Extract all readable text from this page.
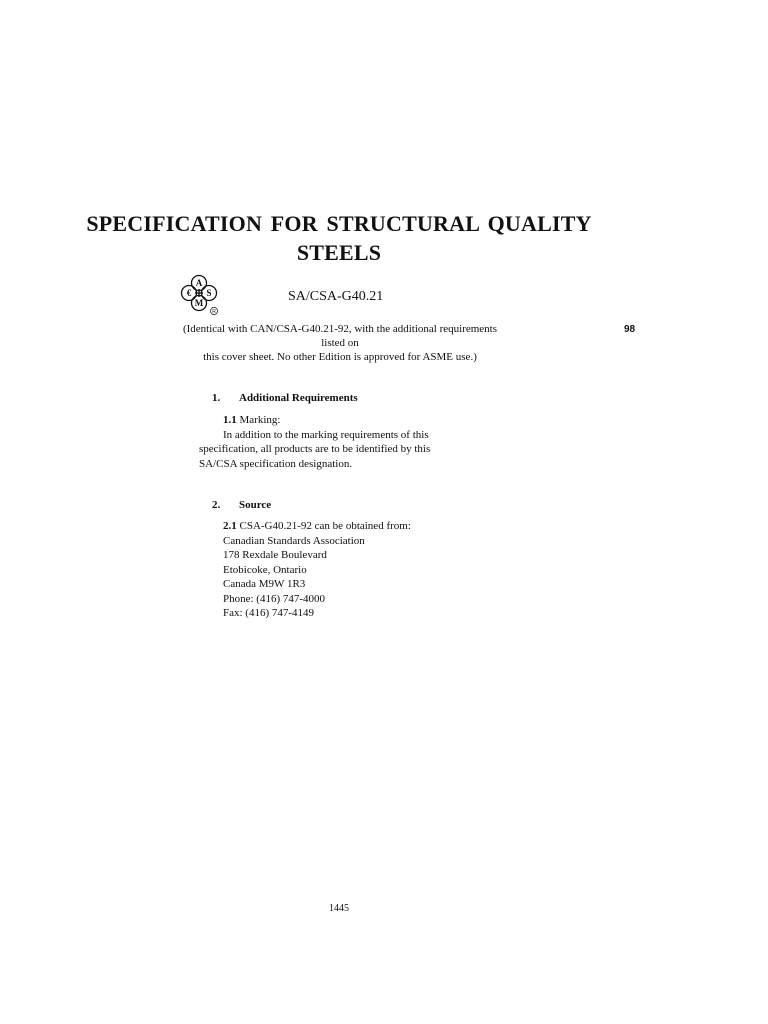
SPECIFICATION FOR STRUCTURAL QUALITY
STEELS
A
€ S
M
R
SA/CSA-G40.21
(Identical with CAN/CSA-G40.21-92, with the additional requirements listed on
this cover sheet. No other Edition is approved for ASME use.)
98
1. Additional Requirements
1.1 Marking:
In addition to the marking requirements of this
specification, all products are to be identified by this
SA/CSA specification designation.
2. Source
2.1 CSA-G40.21-92 can be obtained from:
Canadian Standards Association
178 Rexdale Boulevard
Etobicoke, Ontario
Canada M9W 1R3
Phone: (416) 747-4000
Fax: (416) 747-4149
1445
